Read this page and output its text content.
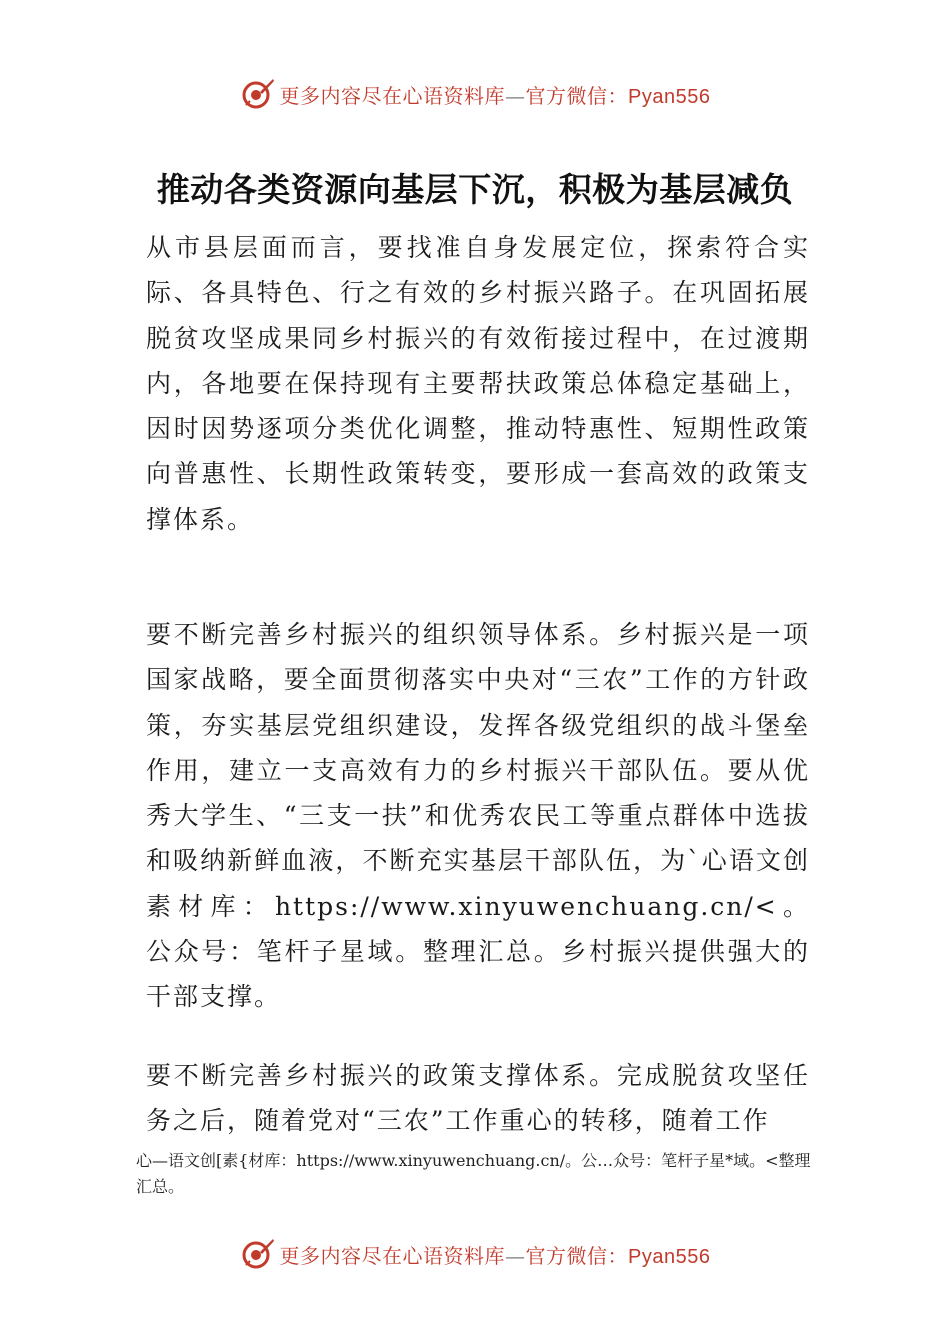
更多内容尽在心语资料库—官方微信：Pyan556
推动各类资源向基层下沉，积极为基层减负
从市县层面而言，要找准自身发展定位，探索符合实际、各具特色、行之有效的乡村振兴路子。在巩固拓展脱贫攻坚成果同乡村振兴的有效衔接过程中，在过渡期内，各地要在保持现有主要帮扶政策总体稳定基础上，因时因势逐项分类优化调整，推动特惠性、短期性政策向普惠性、长期性政策转变，要形成一套高效的政策支撑体系。
要不断完善乡村振兴的组织领导体系。乡村振兴是一项国家战略，要全面贯彻落实中央对“三农”工作的方针政策，夯实基层党组织建设，发挥各级党组织的战斗堡垒作用，建立一支高效有力的乡村振兴干部队伍。要从优秀大学生、“三支一扶”和优秀农民工等重点群体中选拔和吸纳新鲜血液，不断充实基层干部队伍，为`心语文创素材库：https://www.xinyuwenchuang.cn/<。公众号：笔杆子星域。整理汇总。乡村振兴提供强大的干部支撑。
要不断完善乡村振兴的政策支撑体系。完成脱贫攻坚任务之后，随着党对“三农”工作重心的转移，随着工作
心—语文创[素{材库：https://www.xinyuwenchuang.cn/。公…众号：笔杆子星*域。<整理汇总。
更多内容尽在心语资料库—官方微信：Pyan556
